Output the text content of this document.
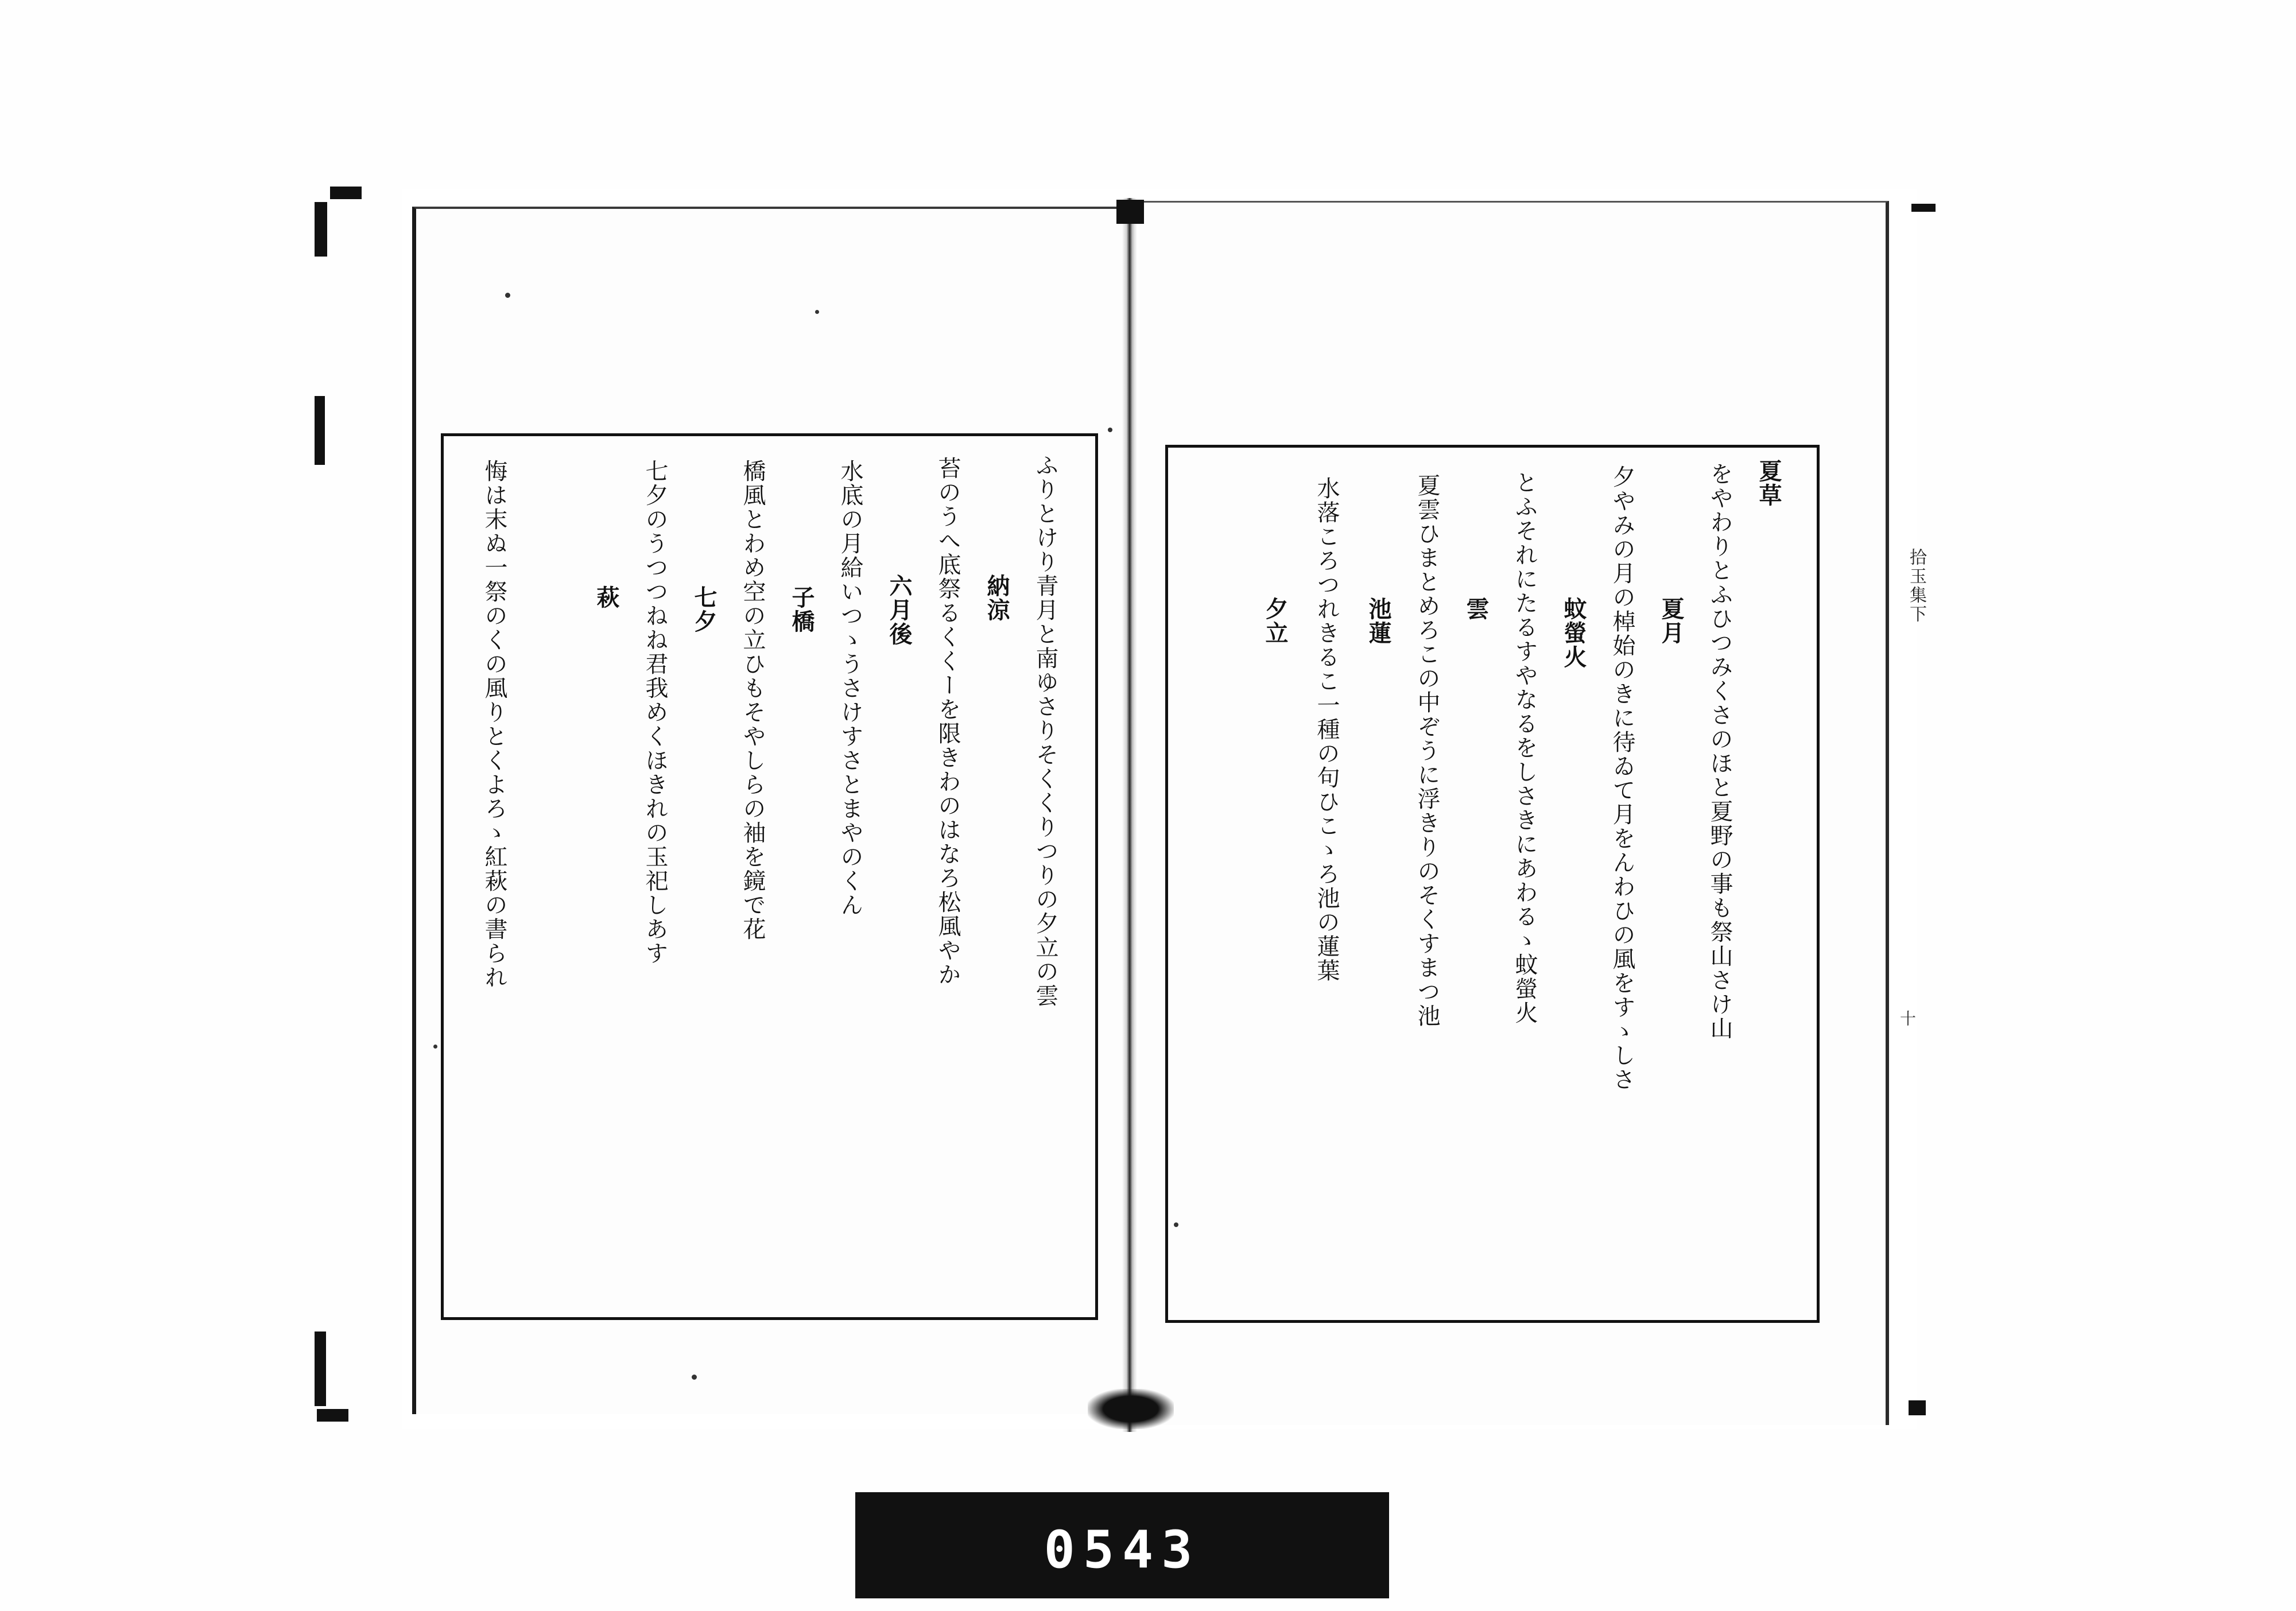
拾玉集下
十
夏草
をやわりとふひつみくさのほと夏野の事も祭山さけ山
夏月
夕やみの月の棹始のきに待ゐて月をんわひの風をすゝしさ
蚊螢火
とふそれにたるすやなるをしさきにあわるゝ蚊螢火
雲
夏雲ひまとめろこの中ぞうに浮きりのそくすまつ池
池蓮
水落ころつれきるこ一種の句ひこゝろ池の蓮葉
夕立
ふりとけり青月と南ゆさりそくくりつりの夕立の雲
納涼
苔のうへ底祭るくくーを限きわのはなろ松風やか
六月後
水底の月給いつゝうさけすさとまやのくん
子橋
橋風とわめ空の立ひもそやしらの袖を鏡で花
七夕
七夕のうつつねね君我めくほきれの玉祀しあす
萩
悔は末ぬ一祭のくの風りとくよろゝ紅萩の書られ
0543
